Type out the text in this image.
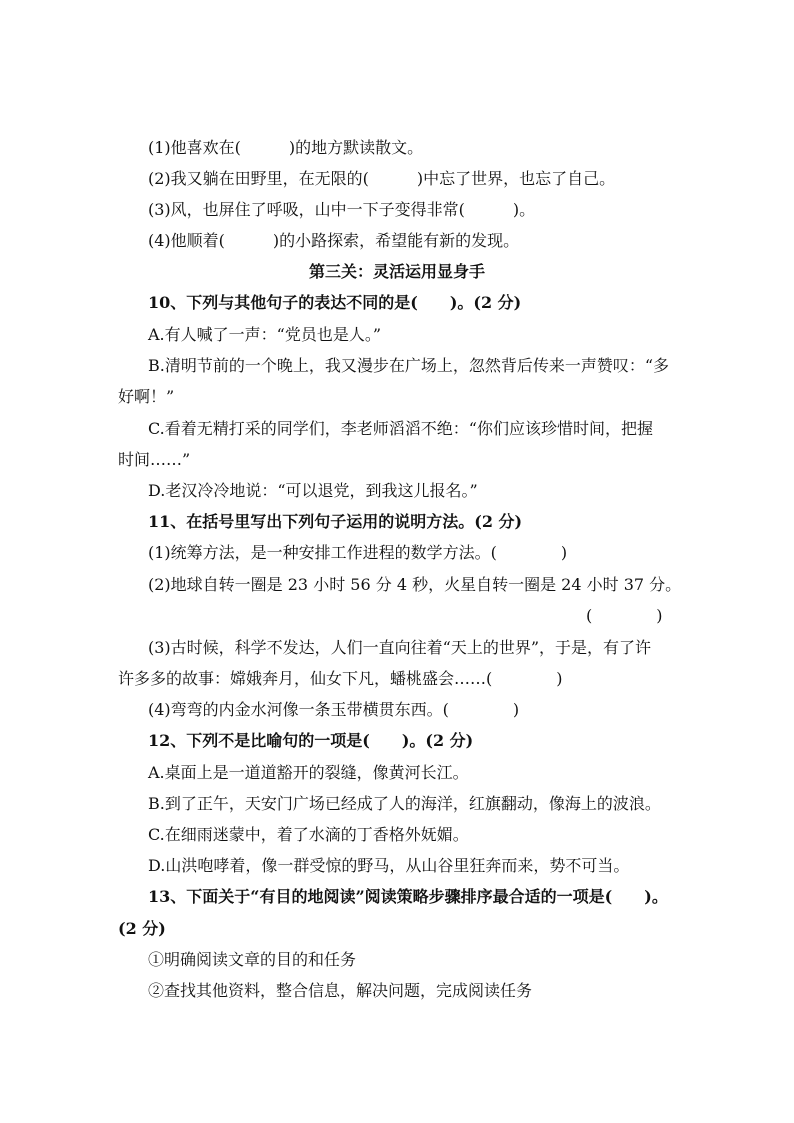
(1)他喜欢在(　　　)的地方默读散文。
(2)我又躺在田野里，在无限的(　　　)中忘了世界，也忘了自己。
(3)风，也屏住了呼吸，山中一下子变得非常(　　　)。
(4)他顺着(　　　)的小路探索，希望能有新的发现。
第三关：灵活运用显身手
10、下列与其他句子的表达不同的是(　　)。(2 分)
A.有人喊了一声：“党员也是人。”
B.清明节前的一个晚上，我又漫步在广场上，忽然背后传来一声赞叹：“多
好啊！”
C.看着无精打采的同学们，李老师滔滔不绝：“你们应该珍惜时间，把握
时间……”
D.老汉冷冷地说：“可以退党，到我这儿报名。”
11、在括号里写出下列句子运用的说明方法。(2 分)
(1)统筹方法，是一种安排工作进程的数学方法。(　　　　)
(2)地球自转一圈是 23 小时 56 分 4 秒，火星自转一圈是 24 小时 37 分。
(　　　　)
(3)古时候，科学不发达，人们一直向往着“天上的世界”，于是，有了许
许多多的故事：嫦娥奔月，仙女下凡，蟠桃盛会……(　　　　)
(4)弯弯的内金水河像一条玉带横贯东西。(　　　　)
12、下列不是比喻句的一项是(　　)。(2 分)
A.桌面上是一道道豁开的裂缝，像黄河长江。
B.到了正午，天安门广场已经成了人的海洋，红旗翻动，像海上的波浪。
C.在细雨迷蒙中，着了水滴的丁香格外妩媚。
D.山洪咆哮着，像一群受惊的野马，从山谷里狂奔而来，势不可当。
13、下面关于“有目的地阅读”阅读策略步骤排序最合适的一项是(　　)。
(2 分)
①明确阅读文章的目的和任务
②查找其他资料，整合信息，解决问题，完成阅读任务
